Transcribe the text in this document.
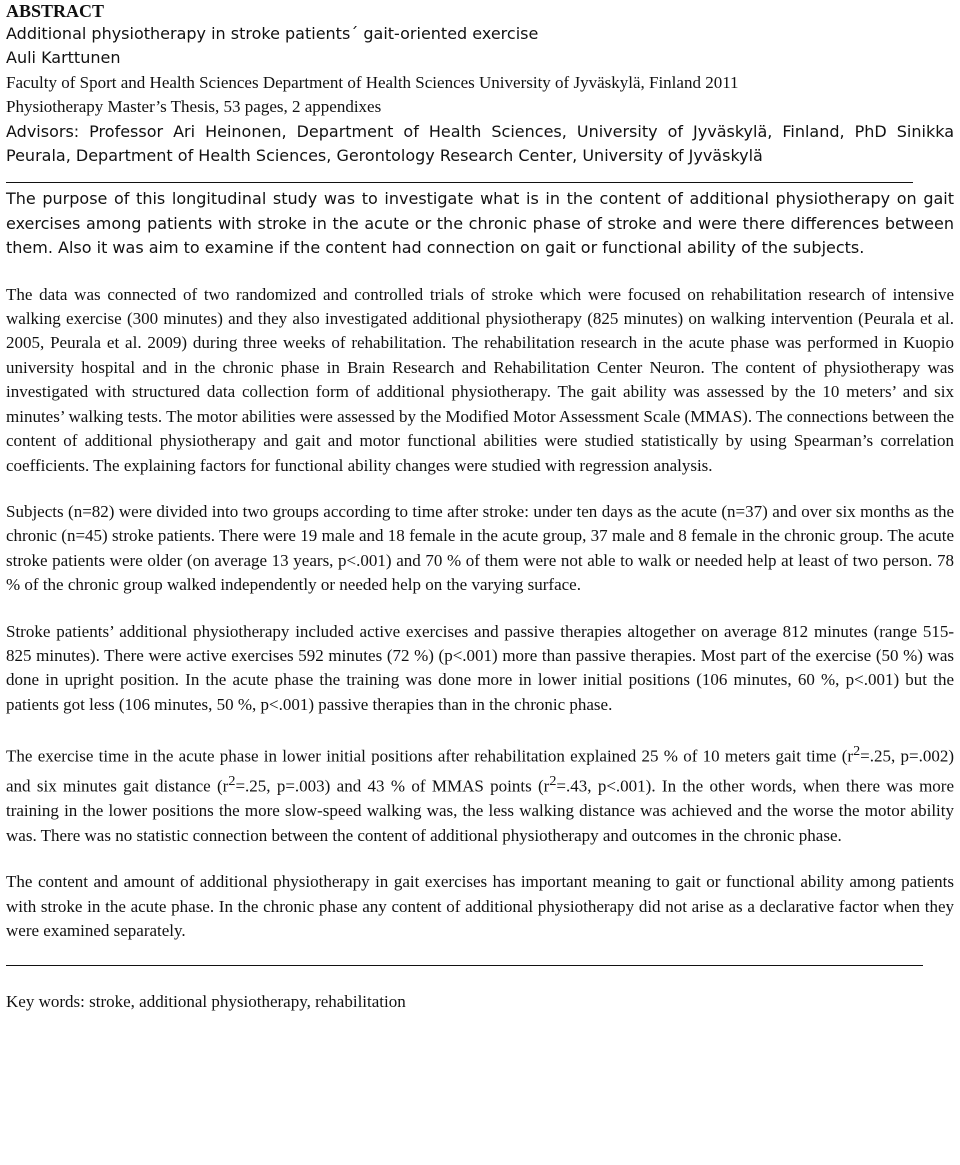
ABSTRACT

Additional physiotherapy in stroke patients´ gait-oriented exercise

Auli Karttunen

Faculty of Sport and Health Sciences Department of Health Sciences University of Jyväskylä, Finland 2011

Physiotherapy Master’s Thesis, 53 pages, 2 appendixes

Advisors: Professor Ari Heinonen, Department of Health Sciences, University of Jyväskylä, Finland, PhD Sinikka Peurala, Department of Health Sciences, Gerontology Research Center, University of Jyväskylä

The purpose of this longitudinal study was to investigate what is in the content of additional physiotherapy on gait exercises among patients with stroke in the acute or the chronic phase of stroke and were there differences between them. Also it was aim to examine if the content had connection on gait or functional ability of the subjects.

The data was connected of two randomized and controlled trials of stroke which were focused on rehabilitation research of intensive walking exercise (300 minutes) and they also investigated additional physiotherapy (825 minutes) on walking intervention (Peurala et al. 2005, Peurala et al. 2009) during three weeks of rehabilitation. The rehabilitation research in the acute phase was performed in Kuopio university hospital and in the chronic phase in Brain Research and Rehabilitation Center Neuron. The content of physiotherapy was investigated with structured data collection form of additional physiotherapy. The gait ability was assessed by the 10 meters’ and six minutes’ walking tests. The motor abilities were assessed by the Modified Motor Assessment Scale (MMAS). The connections between the content of additional physiotherapy and gait and motor functional abilities were studied statistically by using Spearman’s correlation coefficients. The explaining factors for functional ability changes were studied with regression analysis.

Subjects (n=82) were divided into two groups according to time after stroke: under ten days as the acute (n=37) and over six months as the chronic (n=45) stroke patients. There were 19 male and 18 female in the acute group, 37 male and 8 female in the chronic group. The acute stroke patients were older (on average 13 years, p<.001) and 70 % of them were not able to walk or needed help at least of two person. 78 % of the chronic group walked independently or needed help on the varying surface.

Stroke patients’ additional physiotherapy included active exercises and passive therapies altogether on average 812 minutes (range 515-825 minutes). There were active exercises 592 minutes (72 %) (p<.001) more than passive therapies. Most part of the exercise (50 %) was done in upright position. In the acute phase the training was done more in lower initial positions (106 minutes, 60 %, p<.001) but the patients got less (106 minutes, 50 %, p<.001) passive therapies than in the chronic phase.

The exercise time in the acute phase in lower initial positions after rehabilitation explained 25 % of 10 meters gait time ($r^2=.25$, p=.002) and six minutes gait distance ($r^2=.25$, p=.003) and 43 % of MMAS points ($r^2=.43$, p<.001). In the other words, when there was more training in the lower positions the more slow-speed walking was, the less walking distance was achieved and the worse the motor ability was. There was no statistic connection between the content of additional physiotherapy and outcomes in the chronic phase.

The content and amount of additional physiotherapy in gait exercises has important meaning to gait or functional ability among patients with stroke in the acute phase. In the chronic phase any content of additional physiotherapy did not arise as a declarative factor when they were examined separately.

Key words: stroke, additional physiotherapy, rehabilitation
